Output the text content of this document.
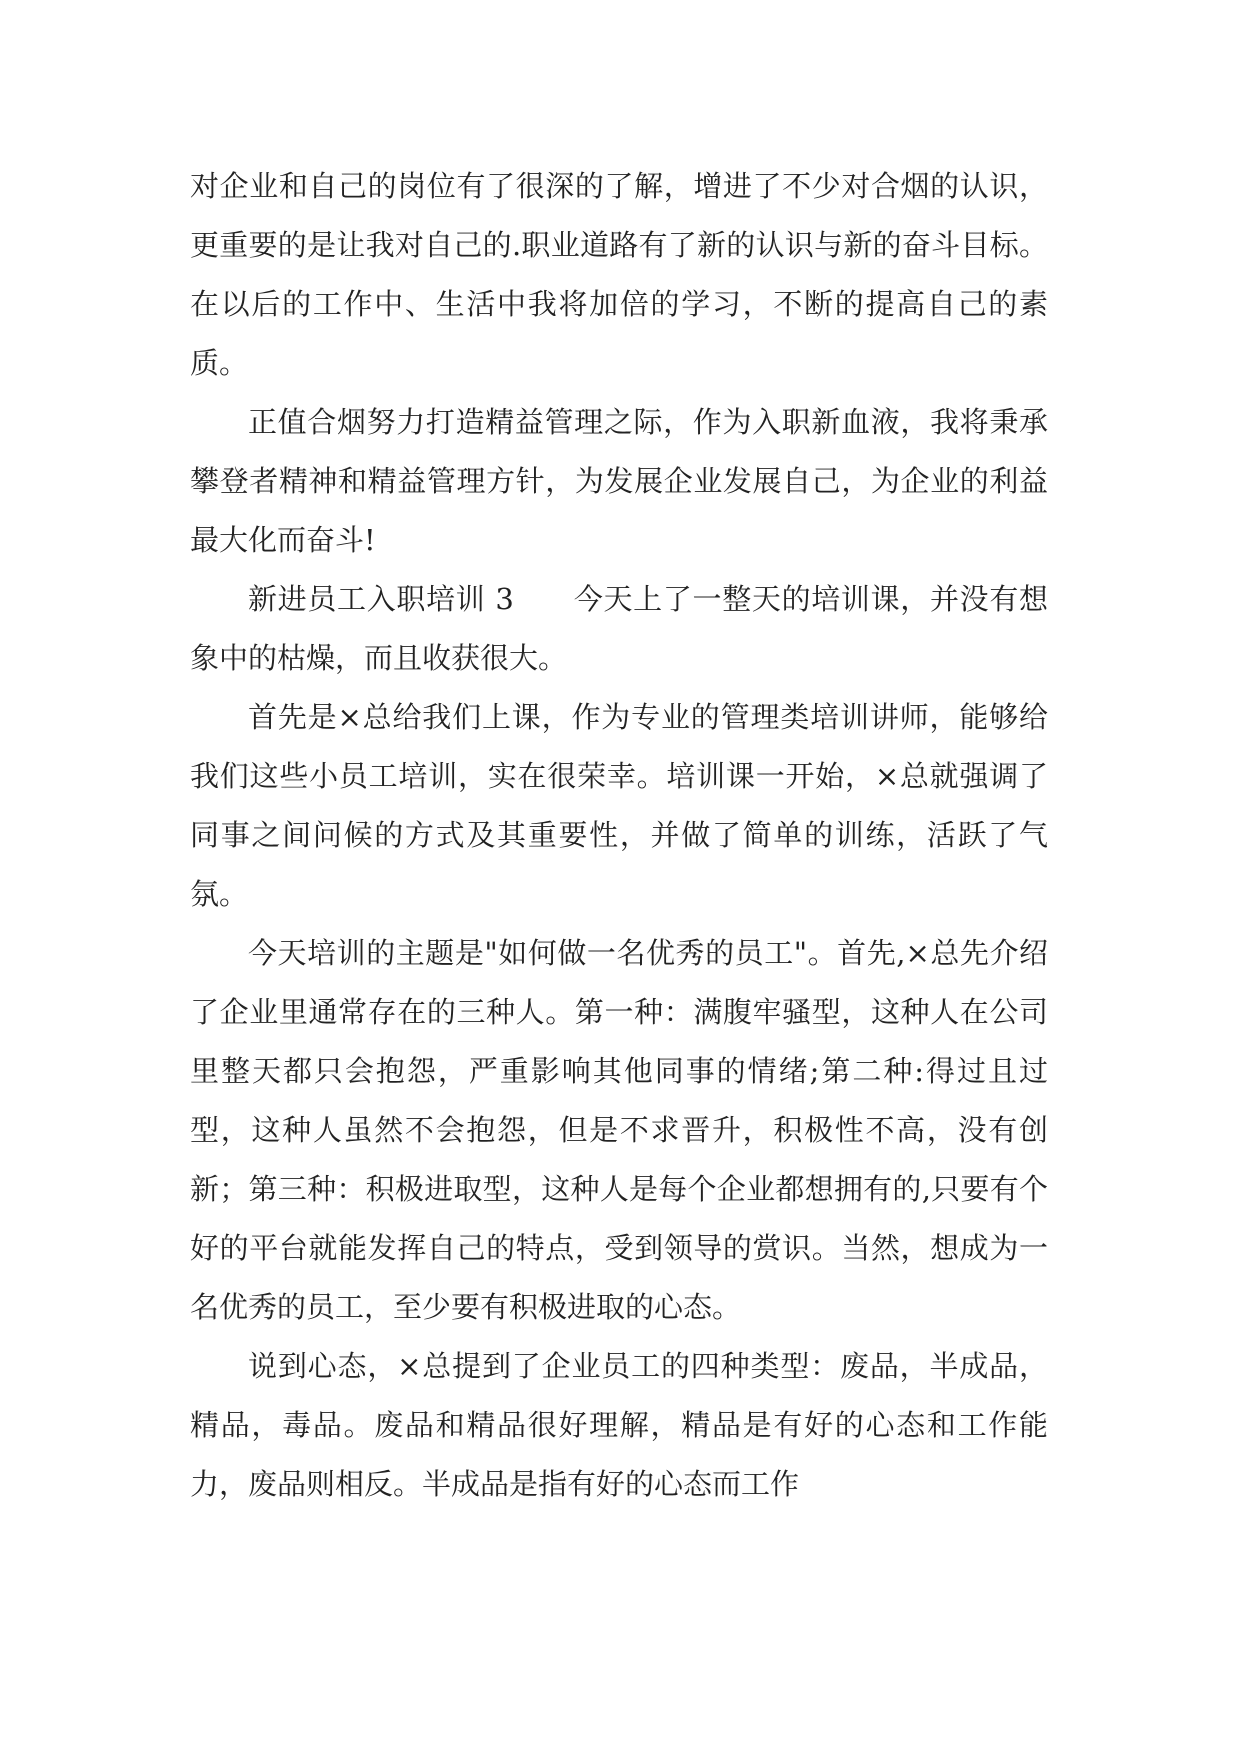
对企业和自己的岗位有了很深的了解，增进了不少对合烟的认识，更重要的是让我对自己的.职业道路有了新的认识与新的奋斗目标。在以后的工作中、生活中我将加倍的学习，不断的提高自己的素质。

正值合烟努力打造精益管理之际，作为入职新血液，我将秉承攀登者精神和精益管理方针，为发展企业发展自己，为企业的利益最大化而奋斗!

新进员工入职培训 3　　今天上了一整天的培训课，并没有想象中的枯燥，而且收获很大。

首先是×总给我们上课，作为专业的管理类培训讲师，能够给我们这些小员工培训，实在很荣幸。培训课一开始，×总就强调了同事之间问候的方式及其重要性，并做了简单的训练，活跃了气氛。

今天培训的主题是"如何做一名优秀的员工"。首先,×总先介绍了企业里通常存在的三种人。第一种：满腹牢骚型，这种人在公司里整天都只会抱怨，严重影响其他同事的情绪;第二种:得过且过型，这种人虽然不会抱怨，但是不求晋升，积极性不高，没有创新；第三种：积极进取型，这种人是每个企业都想拥有的,只要有个好的平台就能发挥自己的特点，受到领导的赏识。当然，想成为一名优秀的员工，至少要有积极进取的心态。

说到心态，×总提到了企业员工的四种类型：废品，半成品，精品，毒品。废品和精品很好理解，精品是有好的心态和工作能力，废品则相反。半成品是指有好的心态而工作
